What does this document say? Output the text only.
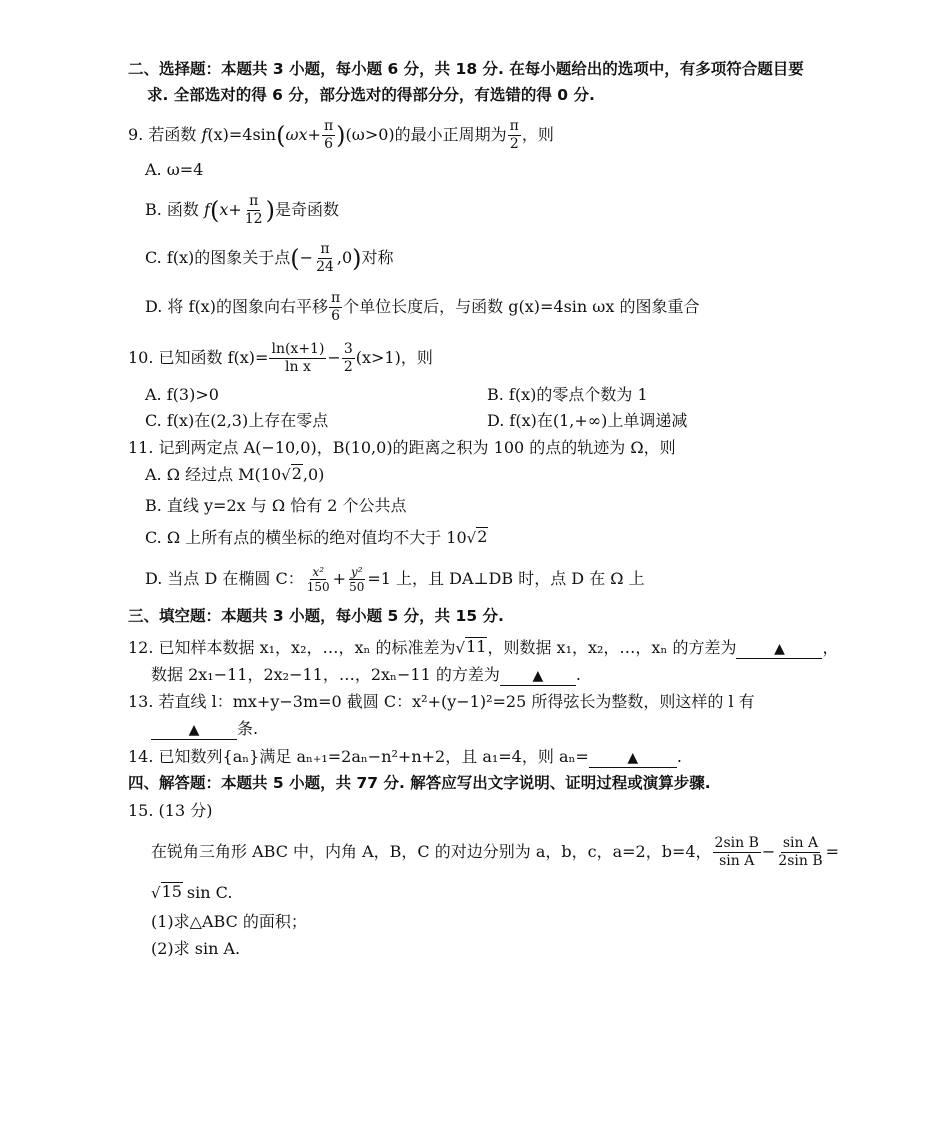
二、选择题：本题共 3 小题，每小题 6 分，共 18 分. 在每小题给出的选项中，有多项符合题目要
求. 全部选对的得 6 分，部分选对的得部分分，有选错的得 0 分.
9. 若函数 $f(x)=4\sin(\omega x+ \frac{\pi}{6} )(\omega>0)$的最小正周期为 $\frac{\pi}{2}$ ，则
A. ω=4
B. 函数 $f(x+ \frac{\pi}{12}$ )是奇函数
C. f(x)的图象关于点(− $\frac{\pi}{24} ,0$)对称
D. 将 f(x)的图象向右平移 $\frac{\pi}{6}$ 个单位长度后，与函数 g(x)=4sin ωx 的图象重合
10. 已知函数 $f(x)= \frac{\ln(x+1)}{\text{ln x}} - \frac{3}{2} (x>1)$，则
A. f(3)>0	B. f(x)的零点个数为 1
C. f(x)在(2,3)上存在零点	D. f(x)在(1,+∞)上单调递减
11. 记到两定点 A(−10,0)，B(10,0)的距离之积为 100 的点的轨迹为 Ω，则
A. Ω 经过点 M(10 √ 2 ,0)
B. 直线 y=2x 与 Ω 恰有 2 个公共点
C. Ω 上所有点的横坐标的绝对值均不大于 10 √ 2
D. 当点 D 在椭圆 C： $\frac{\text{x²}}{150} + \frac{\text{y²}}{50} =1$ 上，且 DA⊥DB 时，点 D 在 Ω 上
三、填空题：本题共 3 小题，每小题 5 分，共 15 分.
12. 已知样本数据 x₁，x₂，…，xₙ 的标准差为 √ 11 ，则数据 x₁，x₂，…，xₙ 的方差为	▲ ，
数据 2x₁−11，2x₂−11，…，2xₙ−11 的方差为 ▲ .
13. 若直线 l：mx+y−3m=0 截圆 C：x²+(y−1)²=25 所得弦长为整数，则这样的 l 有
▲ 条.
14. 已知数列{aₙ}满足 aₙ₊₁=2aₙ−n²+n+2，且 a₁=4，则 aₙ=	▲ .
四、解答题：本题共 5 小题，共 77 分. 解答应写出文字说明、证明过程或演算步骤.
15. (13 分)
在锐角三角形 ABC 中，内角 A，B，C 的对边分别为 a，b，c，a=2，b=4， $\frac{\text{2sin B}}{\text{sin A}} - \frac{\text{sin A}}{\text{2sin B}}$ =
√ 15 sin C.
(1)求△ABC 的面积；
(2)求 sin A.
